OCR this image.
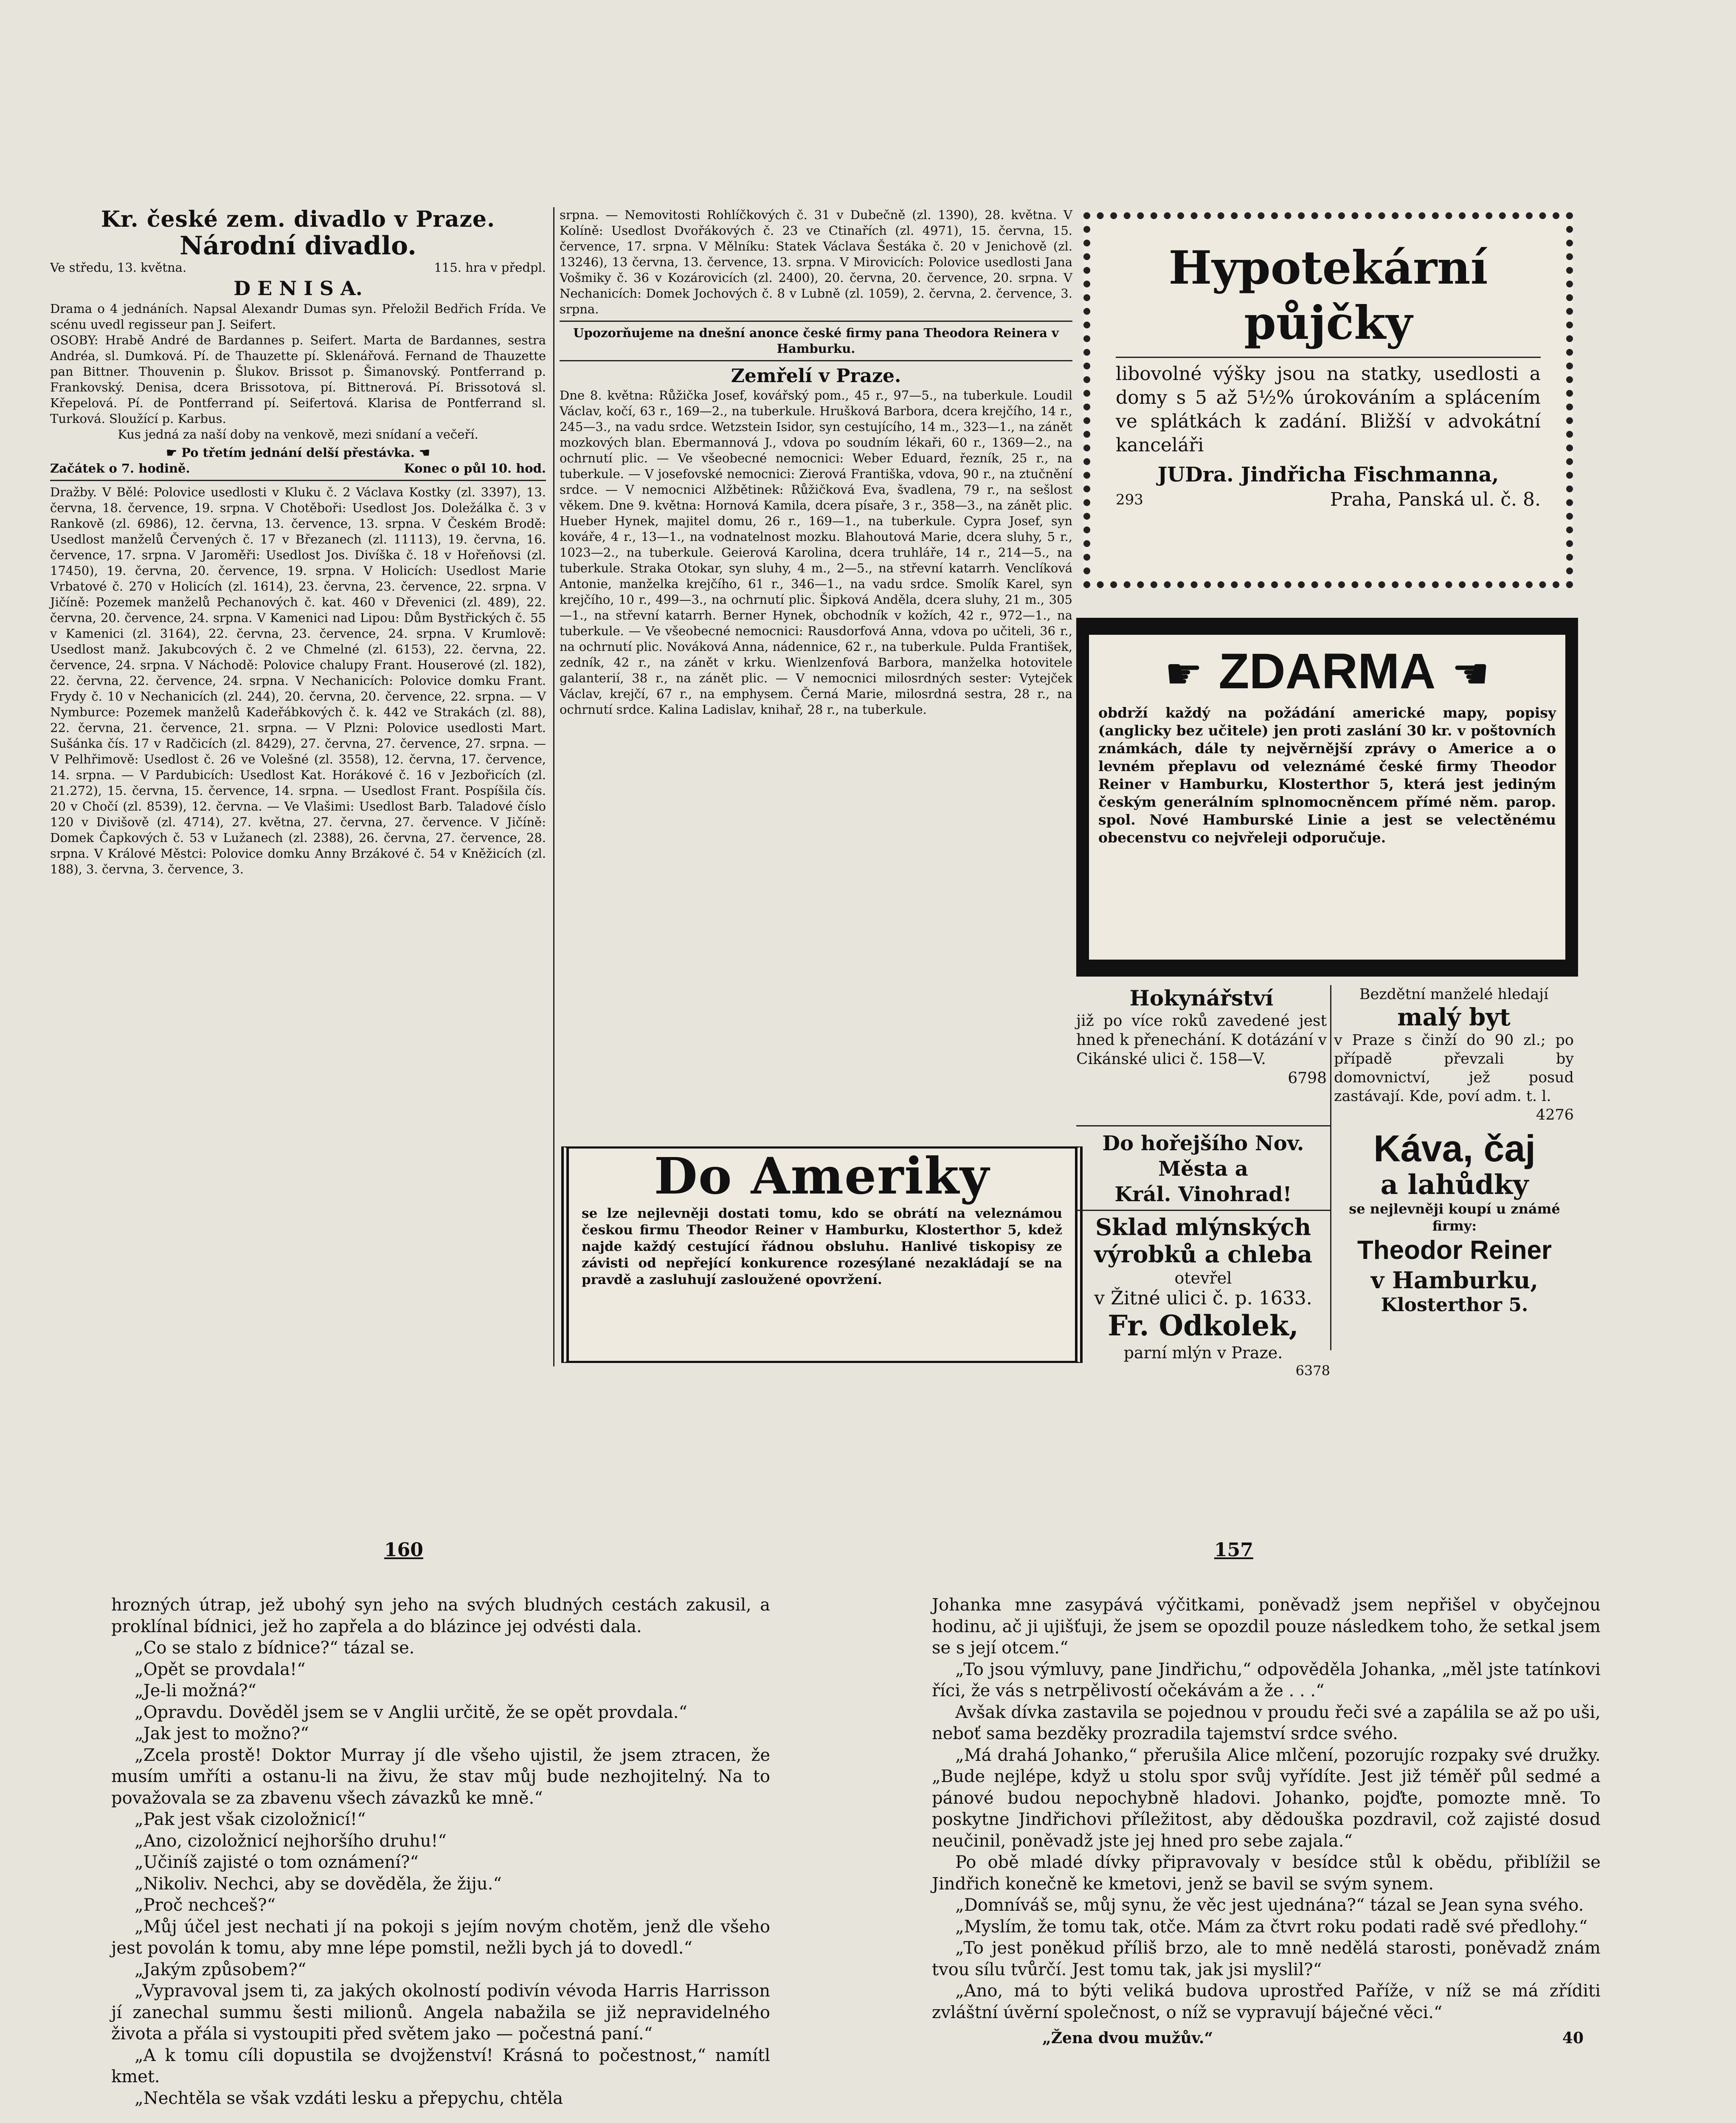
Kr. české zem. divadlo v Praze.
Národní divadlo.
Ve středu, 13. května.	115. hra v předpl.
D E N I S A.

Drama o 4 jednáních. Napsal Alexandr Dumas syn. Přeložil Bedřich Frída. Ve scénu uvedl regisseur pan J. Seifert.

OSOBY: Hrabě André de Bardannes p. Seifert. Marta de Bardannes, sestra Andréa, sl. Dumková. Pí. de Thauzette pí. Sklenářová. Fernand de Thauzette pan Bittner. Thouvenin p. Šlukov. Brissot p. Šimanovský. Pontferrand p. Frankovský. Denisa, dcera Brissotova, pí. Bittnerová. Pí. Brissotová sl. Křepelová. Pí. de Pontferrand pí. Seifertová. Klarisa de Pontferrand sl. Turková. Sloužící p. Karbus.

Kus jedná za naší doby na venkově, mezi snídaní a večeří.

☛ Po třetím jednání delší přestávka. ☚
Začátek o 7. hodině.	Konec o půl 10. hod.

Dražby. V Bělé: Polovice usedlosti v Kluku č. 2 Václava Kostky (zl. 3397), 13. června, 18. července, 19. srpna. V Chotěboři: Usedlost Jos. Doležálka č. 3 v Rankově (zl. 6986), 12. června, 13. července, 13. srpna. V Českém Brodě: Usedlost manželů Červených č. 17 v Březanech (zl. 11113), 19. června, 16. července, 17. srpna. V Jaroměři: Usedlost Jos. Divíška č. 18 v Hořeňovsi (zl. 17450), 19. června, 20. července, 19. srpna. V Holicích: Usedlost Marie Vrbatové č. 270 v Holicích (zl. 1614), 23. června, 23. července, 22. srpna. V Jičíně: Pozemek manželů Pechanových č. kat. 460 v Dřevenici (zl. 489), 22. června, 20. července, 24. srpna. V Kamenici nad Lipou: Dům Bystřických č. 55 v Kamenici (zl. 3164), 22. června, 23. července, 24. srpna. V Krumlově: Usedlost manž. Jakubcových č. 2 ve Chmelné (zl. 6153), 22. června, 22. července, 24. srpna. V Náchodě: Polovice chalupy Frant. Houserové (zl. 182), 22. června, 22. července, 24. srpna. V Nechanicích: Polovice domku Frant. Frydy č. 10 v Nechanicích (zl. 244), 20. června, 20. července, 22. srpna. — V Nymburce: Pozemek manželů Kadeřábkových č. k. 442 ve Strakách (zl. 88), 22. června, 21. července, 21. srpna. — V Plzni: Polovice usedlosti Mart. Sušánka čís. 17 v Radčicích (zl. 8429), 27. června, 27. července, 27. srpna. — V Pelhřimově: Usedlost č. 26 ve Volešné (zl. 3558), 12. června, 17. července, 14. srpna. — V Pardubicích: Usedlost Kat. Horákové č. 16 v Jezbořicích (zl. 21.272), 15. června, 15. července, 14. srpna. — Usedlost Frant. Pospíšila čís. 20 v Chočí (zl. 8539), 12. června. — Ve Vlašimi: Usedlost Barb. Taladové číslo 120 v Divišově (zl. 4714), 27. května, 27. června, 27. července. V Jičíně: Domek Čapkových č. 53 v Lužanech (zl. 2388), 26. června, 27. července, 28. srpna. V Králové Městci: Polovice domku Anny Brzákové č. 54 v Kněžicích (zl. 188), 3. června, 3. července, 3.

srpna. — Nemovitosti Rohlíčkových č. 31 v Dubečně (zl. 1390), 28. května. V Kolíně: Usedlost Dvořákových č. 23 ve Ctinařích (zl. 4971), 15. června, 15. července, 17. srpna. V Mělníku: Statek Václava Šestáka č. 20 v Jenichově (zl. 13246), 13 června, 13. července, 13. srpna. V Mirovicích: Polovice usedlosti Jana Vošmiky č. 36 v Kozárovicích (zl. 2400), 20. června, 20. července, 20. srpna. V Nechanicích: Domek Jochových č. 8 v Lubně (zl. 1059), 2. června, 2. července, 3. srpna.

Upozorňujeme na dnešní anonce české firmy pana Theodora Reinera v Hamburku.

Zemřelí v Praze.

Dne 8. května: Růžička Josef, kovářský pom., 45 r., 97—5., na tuberkule. Loudil Václav, kočí, 63 r., 169—2., na tuberkule. Hrušková Barbora, dcera krejčího, 14 r., 245—3., na vadu srdce. Wetzstein Isidor, syn cestujícího, 14 m., 323—1., na zánět mozkových blan. Ebermannová J., vdova po soudním lékaři, 60 r., 1369—2., na ochrnutí plic. — Ve všeobecné nemocnici: Weber Eduard, řezník, 25 r., na tuberkule. — V josefovské nemocnici: Zierová Františka, vdova, 90 r., na ztučnění srdce. — V nemocnici Alžbětinek: Růžičková Eva, švadlena, 79 r., na sešlost věkem. Dne 9. května: Hornová Kamila, dcera písaře, 3 r., 358—3., na zánět plic. Hueber Hynek, majitel domu, 26 r., 169—1., na tuberkule. Cypra Josef, syn kováře, 4 r., 13—1., na vodnatelnost mozku. Blahoutová Marie, dcera sluhy, 5 r., 1023—2., na tuberkule. Geierová Karolina, dcera truhláře, 14 r., 214—5., na tuberkule. Straka Otokar, syn sluhy, 4 m., 2—5., na střevní katarrh. Venclíková Antonie, manželka krejčího, 61 r., 346—1., na vadu srdce. Smolík Karel, syn krejčího, 10 r., 499—3., na ochrnutí plic. Šipková Anděla, dcera sluhy, 21 m., 305—1., na střevní katarrh. Berner Hynek, obchodník v kožích, 42 r., 972—1., na tuberkule. — Ve všeobecné nemocnici: Rausdorfová Anna, vdova po učiteli, 36 r., na ochrnutí plic. Nováková Anna, nádennice, 62 r., na tuberkule. Pulda František, zedník, 42 r., na zánět v krku. Wienlzenfová Barbora, manželka hotovitele galanterií, 38 r., na zánět plic. — V nemocnici milosrdných sester: Vytejček Václav, krejčí, 67 r., na emphysem. Černá Marie, milosrdná sestra, 28 r., na ochrnutí srdce. Kalina Ladislav, knihař, 28 r., na tuberkule.

Do Ameriky

se lze nejlevněji dostati tomu, kdo se obrátí na veleznámou českou firmu Theodor Reiner v Hamburku, Klosterthor 5, kdež najde každý cestující řádnou obsluhu. Hanlivé tiskopisy ze závisti od nepřející konkurence rozesýlané nezakládají se na pravdě a zasluhují zasloužené opovržení.

Hypotekární půjčky

libovolné výšky jsou na statky, usedlosti a domy s 5 až 5½% úrokováním a splácením ve splátkách k zadání. Bližší v advokátní kanceláři

JUDra. Jindřicha Fischmanna,
293	Praha, Panská ul. č. 8.
☛ ZDARMA ☚

obdrží každý na požádání americké mapy, popisy (anglicky bez učitele) jen proti zaslání 30 kr. v poštovních známkách, dále ty nejvěrnější zprávy o Americe a o levném přeplavu od veleznámé české firmy Theodor Reiner v Hamburku, Klosterthor 5, která jest jediným českým generálním splnomocněncem přímé něm. parop. spol. Nové Hamburské Linie a jest se velectěnému obecenstvu co nejvřeleji odporučuje.

Hokynářství

již po více roků zavedené jest hned k přenechání. K dotázání v Cikánské ulici č. 158—V.

6798
Bezdětní manželé hledají
malý byt

v Praze s činží do 90 zl.; po případě převzali by domovnictví, jež posud zastávají. Kde, poví adm. t. l.

4276
Do hořejšího Nov. Města a
Král. Vinohrad!
Sklad mlýnských
výrobků a chleba
otevřel
v Žitné ulici č. p. 1633.
Fr. Odkolek,
parní mlýn v Praze.
6378
Káva, čaj
a lahůdky
se nejlevněji koupí u známé firmy:
Theodor Reiner
v Hamburku,
Klosterthor 5.
160	157

hrozných útrap, jež ubohý syn jeho na svých bludných cestách zakusil, a proklínal bídnici, jež ho zapřela a do blázince jej odvésti dala.

„Co se stalo z bídnice?“ tázal se.

„Opět se provdala!“

„Je-li možná?“

„Opravdu. Dověděl jsem se v Anglii určitě, že se opět provdala.“

„Jak jest to možno?“

„Zcela prostě! Doktor Murray jí dle všeho ujistil, že jsem ztracen, že musím umříti a ostanu-li na živu, že stav můj bude nezhojitelný. Na to považovala se za zbavenu všech závazků ke mně.“

„Pak jest však cizoložnicí!“

„Ano, cizoložnicí nejhoršího druhu!“

„Učiníš zajisté o tom oznámení?“

„Nikoliv. Nechci, aby se dověděla, že žiju.“

„Proč nechceš?“

„Můj účel jest nechati jí na pokoji s jejím novým chotěm, jenž dle všeho jest povolán k tomu, aby mne lépe pomstil, nežli bych já to dovedl.“

„Jakým způsobem?“

„Vypravoval jsem ti, za jakých okolností podivín vévoda Harris Harrisson jí zanechal summu šesti milionů. Angela nabažila se již nepravidelného života a přála si vystoupiti před světem jako — počestná paní.“

„A k tomu cíli dopustila se dvojženství! Krásná to počestnost,“ namítl kmet.

„Nechtěla se však vzdáti lesku a přepychu, chtěla

Johanka mne zasypává výčitkami, poněvadž jsem nepřišel v obyčejnou hodinu, ač ji ujišťuji, že jsem se opozdil pouze následkem toho, že setkal jsem se s její otcem.“

„To jsou výmluvy, pane Jindřichu,“ odpověděla Johanka, „měl jste tatínkovi říci, že vás s netrpělivostí očekávám a že . . .“

Avšak dívka zastavila se pojednou v proudu řeči své a zapálila se až po uši, neboť sama bezděky prozradila tajemství srdce svého.

„Má drahá Johanko,“ přerušila Alice mlčení, pozorujíc rozpaky své družky. „Bude nejlépe, když u stolu spor svůj vyřídíte. Jest již téměř půl sedmé a pánové budou nepochybně hladovi. Johanko, pojďte, pomozte mně. To poskytne Jindřichovi příležitost, aby dědouška pozdravil, což zajisté dosud neučinil, poněvadž jste jej hned pro sebe zajala.“

Po obě mladé dívky připravovaly v besídce stůl k obědu, přiblížil se Jindřich konečně ke kmetovi, jenž se bavil se svým synem.

„Domníváš se, můj synu, že věc jest ujednána?“ tázal se Jean syna svého.

„Myslím, že tomu tak, otče. Mám za čtvrt roku podati radě své předlohy.“

„To jest poněkud příliš brzo, ale to mně nedělá starosti, poněvadž znám tvou sílu tvůrčí. Jest tomu tak, jak jsi myslil?“

„Ano, má to býti veliká budova uprostřed Paříže, v níž se má zříditi zvláštní úvěrní společnost, o níž se vypravují báječné věci.“

„Žena dvou mužův.“	40
